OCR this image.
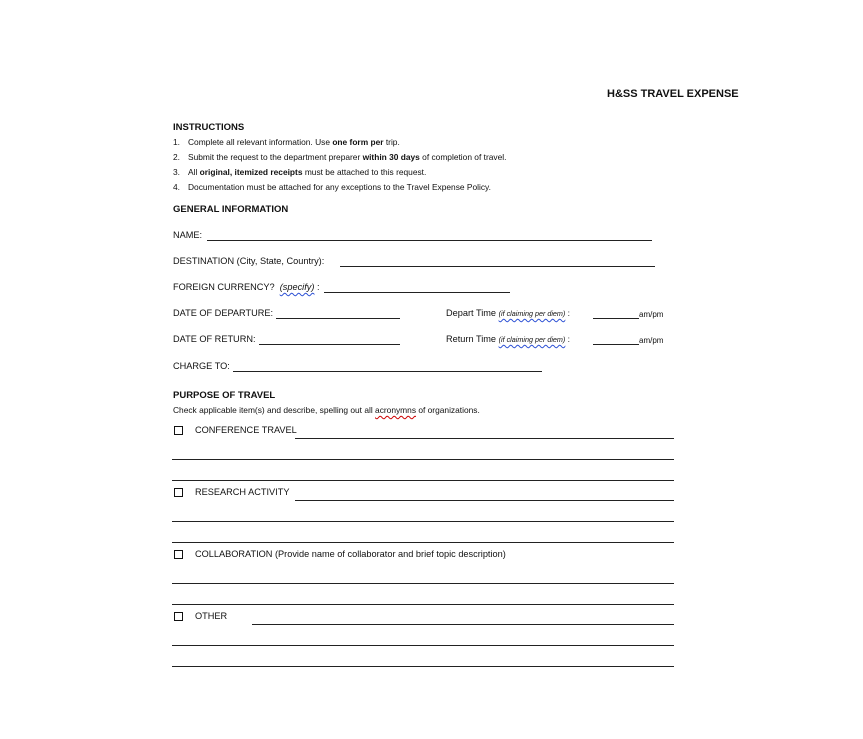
H&SS TRAVEL EXPENSE
INSTRUCTIONS
1. Complete all relevant information. Use one form per trip.
2. Submit the request to the department preparer within 30 days of completion of travel.
3. All original, itemized receipts must be attached to this request.
4. Documentation must be attached for any exceptions to the Travel Expense Policy.
GENERAL INFORMATION
NAME:
DESTINATION (City, State, Country):
FOREIGN CURRENCY? (specify) :
DATE OF DEPARTURE:	Depart Time (if claiming per diem) :	am/pm
DATE OF RETURN:	Return Time (if claiming per diem) :	am/pm
CHARGE TO:
PURPOSE OF TRAVEL
Check applicable item(s) and describe, spelling out all acronymns of organizations.
CONFERENCE TRAVEL
RESEARCH ACTIVITY
COLLABORATION (Provide name of collaborator and brief topic description)
OTHER
